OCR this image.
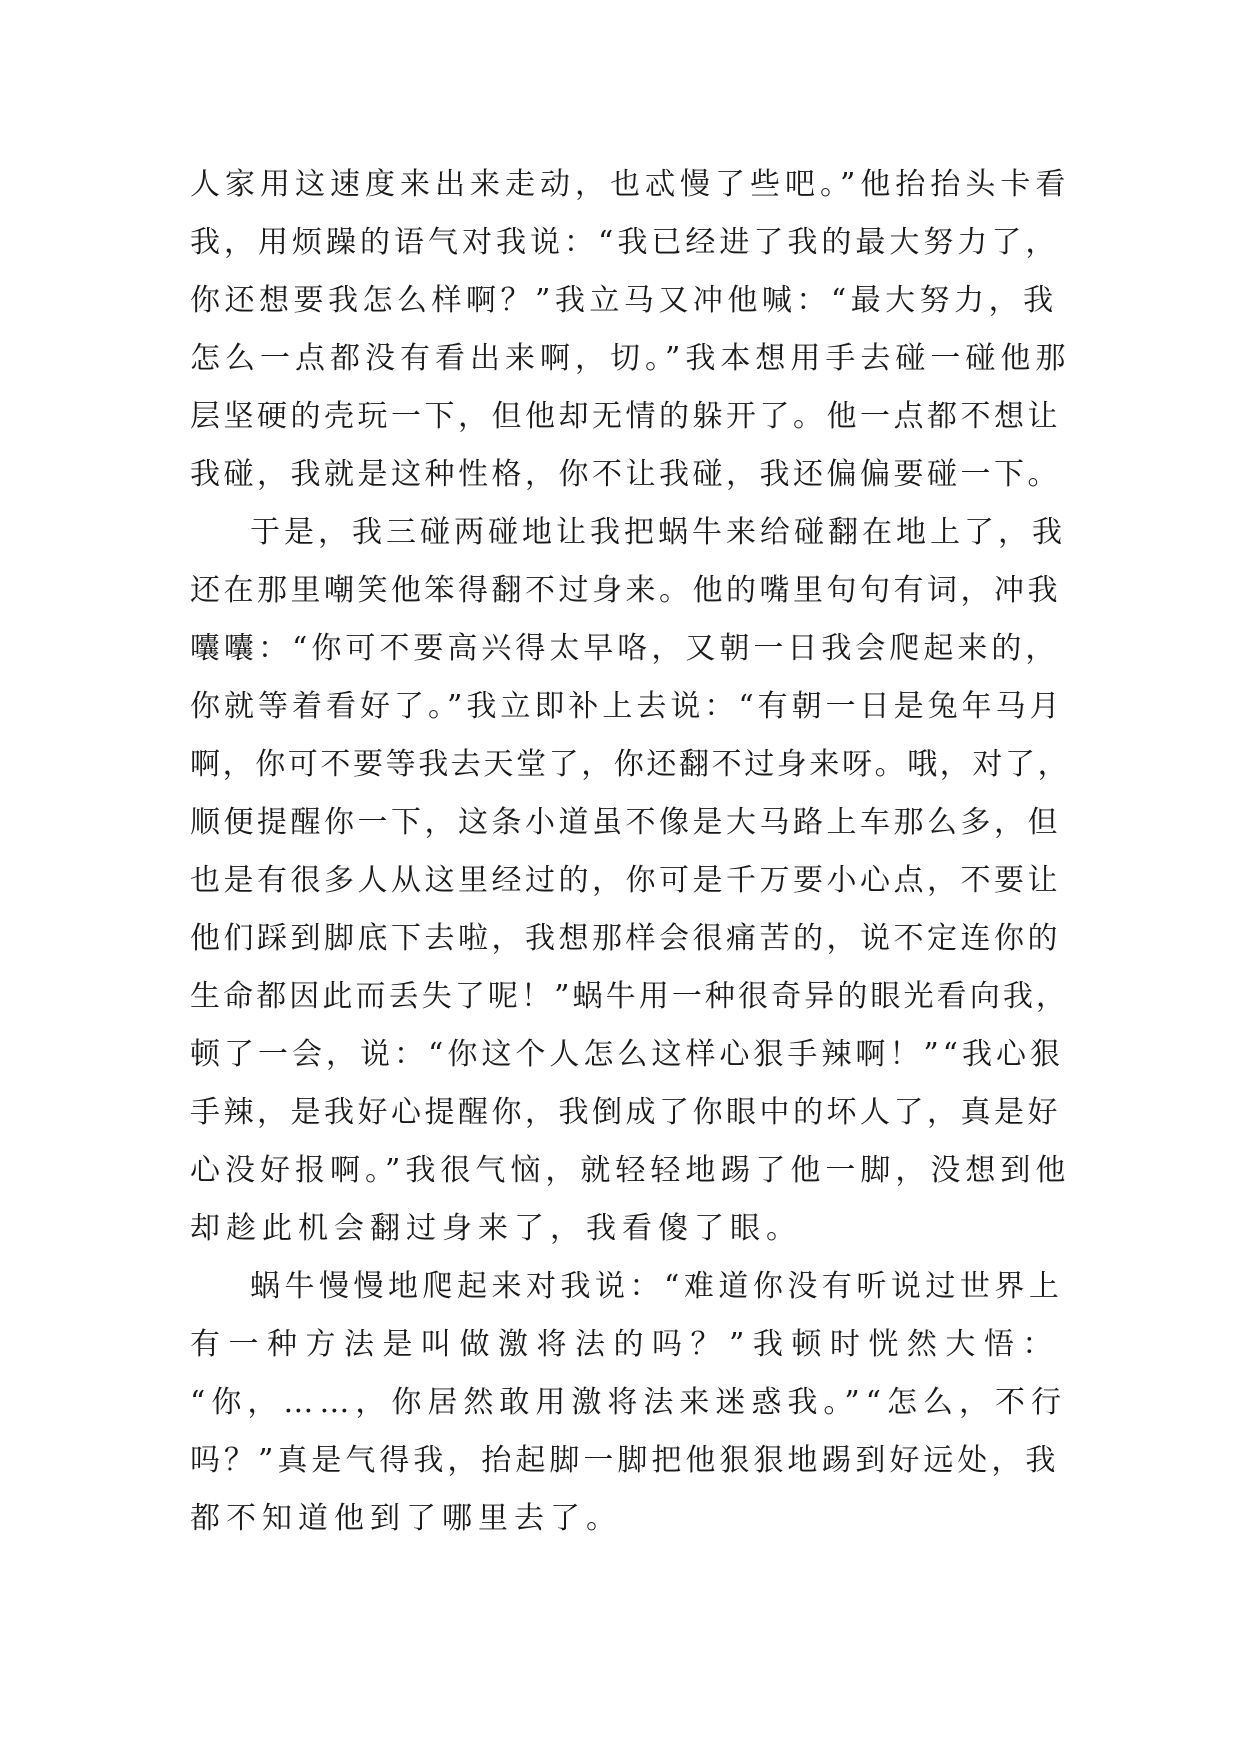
人家用这速度来出来走动，也忒慢了些吧。”他抬抬头卡看
我，用烦躁的语气对我说：“我已经进了我的最大努力了，
你还想要我怎么样啊？”我立马又冲他喊：“最大努力，我
怎么一点都没有看出来啊，切。”我本想用手去碰一碰他那
层坚硬的壳玩一下，但他却无情的躲开了。他一点都不想让
我碰，我就是这种性格，你不让我碰，我还偏偏要碰一下。
于是，我三碰两碰地让我把蜗牛来给碰翻在地上了，我
还在那里嘲笑他笨得翻不过身来。他的嘴里句句有词，冲我
囔囔：“你可不要高兴得太早咯，又朝一日我会爬起来的，
你就等着看好了。”我立即补上去说：“有朝一日是兔年马月
啊，你可不要等我去天堂了，你还翻不过身来呀。哦，对了，
顺便提醒你一下，这条小道虽不像是大马路上车那么多，但
也是有很多人从这里经过的，你可是千万要小心点，不要让
他们踩到脚底下去啦，我想那样会很痛苦的，说不定连你的
生命都因此而丢失了呢！”蜗牛用一种很奇异的眼光看向我，
顿了一会，说：“你这个人怎么这样心狠手辣啊！”“我心狠
手辣，是我好心提醒你，我倒成了你眼中的坏人了，真是好
心没好报啊。”我很气恼，就轻轻地踢了他一脚，没想到他
却趁此机会翻过身来了，我看傻了眼。
蜗牛慢慢地爬起来对我说：“难道你没有听说过世界上
有一种方法是叫做激将法的吗？”我顿时恍然大悟：
“你，……，你居然敢用激将法来迷惑我。”“怎么，不行
吗？”真是气得我，抬起脚一脚把他狠狠地踢到好远处，我
都不知道他到了哪里去了。
